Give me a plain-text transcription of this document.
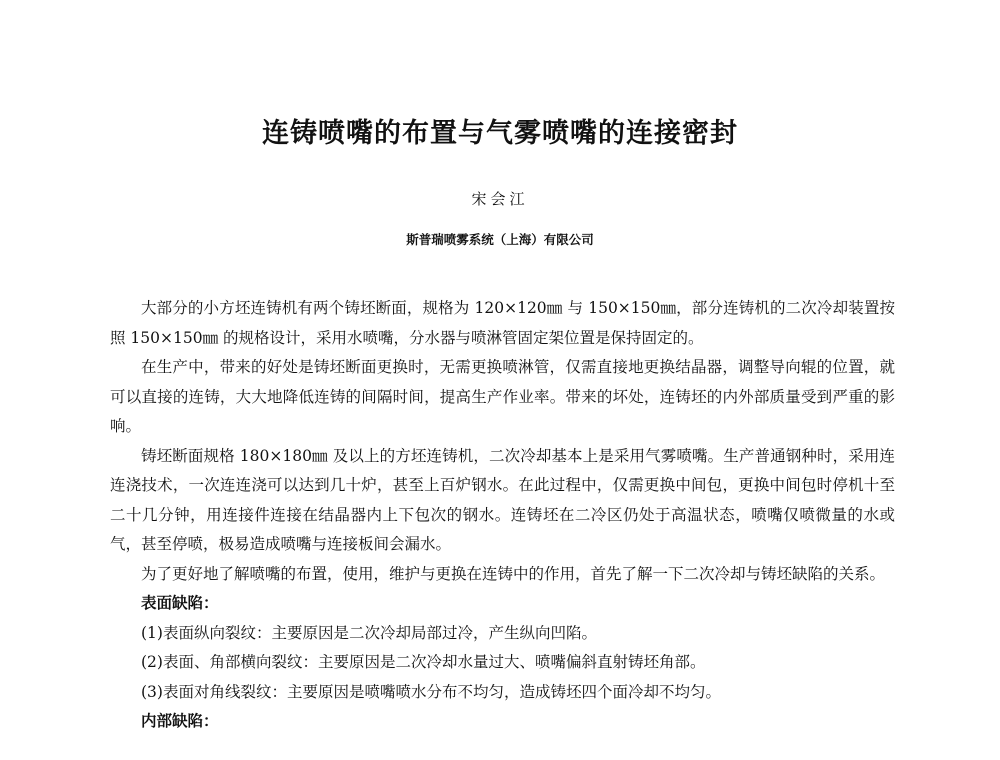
连铸喷嘴的布置与气雾喷嘴的连接密封
宋会江
斯普瑞喷雾系统（上海）有限公司

大部分的小方坯连铸机有两个铸坯断面，规格为 120×120㎜ 与 150×150㎜，部分连铸机的二次冷却装置按照 150×150㎜ 的规格设计，采用水喷嘴，分水器与喷淋管固定架位置是保持固定的。

在生产中，带来的好处是铸坯断面更换时，无需更换喷淋管，仅需直接地更换结晶器，调整导向辊的位置，就可以直接的连铸，大大地降低连铸的间隔时间，提高生产作业率。带来的坏处，连铸坯的内外部质量受到严重的影响。

铸坯断面规格 180×180㎜ 及以上的方坯连铸机，二次冷却基本上是采用气雾喷嘴。生产普通钢种时，采用连连浇技术，一次连连浇可以达到几十炉，甚至上百炉钢水。在此过程中，仅需更换中间包，更换中间包时停机十至二十几分钟，用连接件连接在结晶器内上下包次的钢水。连铸坯在二冷区仍处于高温状态，喷嘴仅喷微量的水或气，甚至停喷，极易造成喷嘴与连接板间会漏水。

为了更好地了解喷嘴的布置，使用，维护与更换在连铸中的作用，首先了解一下二次冷却与铸坯缺陷的关系。

表面缺陷：

(1)表面纵向裂纹：主要原因是二次冷却局部过冷，产生纵向凹陷。

(2)表面、角部横向裂纹：主要原因是二次冷却水量过大、喷嘴偏斜直射铸坯角部。

(3)表面对角线裂纹：主要原因是喷嘴喷水分布不均匀，造成铸坯四个面冷却不均匀。

内部缺陷：
